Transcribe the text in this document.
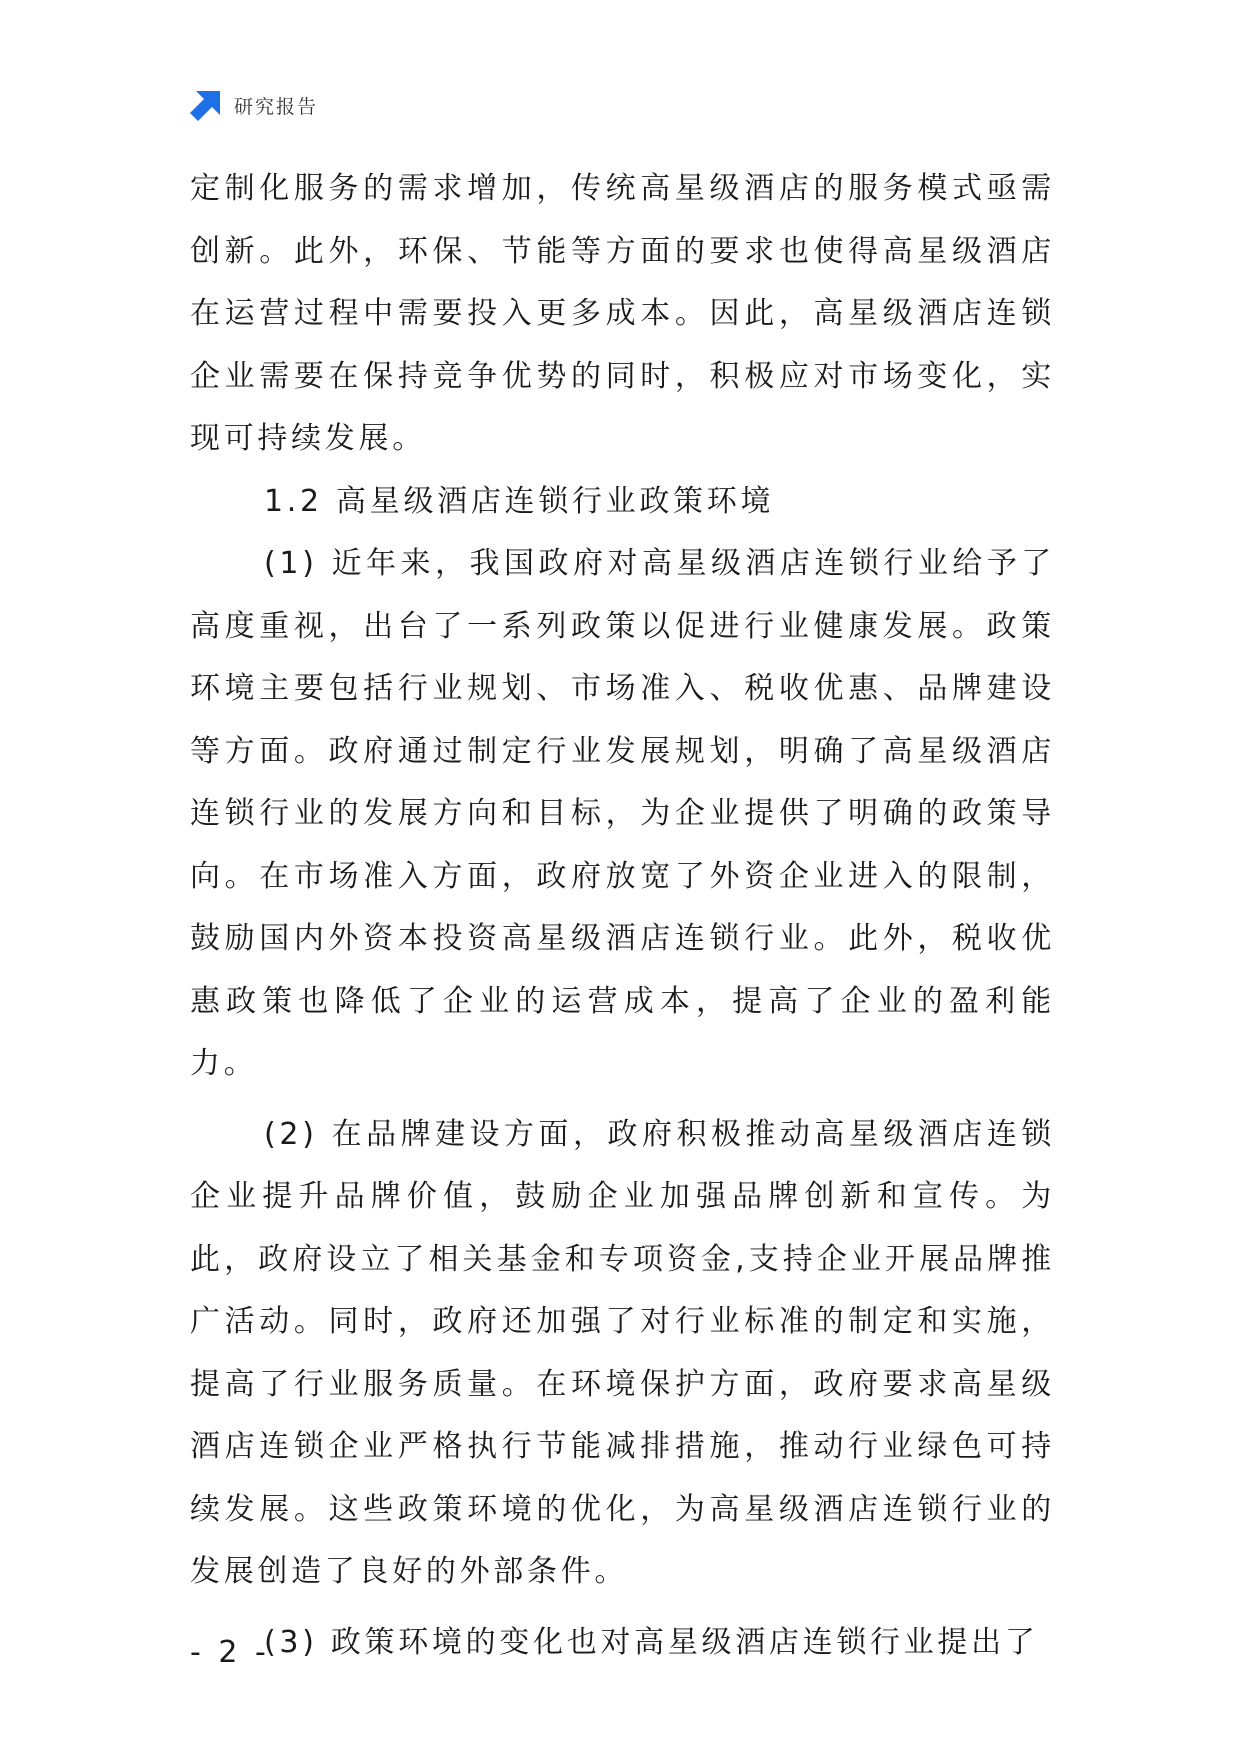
研究报告

定制化服务的需求增加，传统高星级酒店的服务模式亟需创新。此外，环保、节能等方面的要求也使得高星级酒店在运营过程中需要投入更多成本。因此，高星级酒店连锁企业需要在保持竞争优势的同时，积极应对市场变化，实现可持续发展。

1.2 高星级酒店连锁行业政策环境

(1) 近年来，我国政府对高星级酒店连锁行业给予了高度重视，出台了一系列政策以促进行业健康发展。政策环境主要包括行业规划、市场准入、税收优惠、品牌建设等方面。政府通过制定行业发展规划，明确了高星级酒店连锁行业的发展方向和目标，为企业提供了明确的政策导向。在市场准入方面，政府放宽了外资企业进入的限制，鼓励国内外资本投资高星级酒店连锁行业。此外，税收优惠政策也降低了企业的运营成本，提高了企业的盈利能力。

(2) 在品牌建设方面，政府积极推动高星级酒店连锁企业提升品牌价值，鼓励企业加强品牌创新和宣传。为此，政府设立了相关基金和专项资金,支持企业开展品牌推广活动。同时，政府还加强了对行业标准的制定和实施，提高了行业服务质量。在环境保护方面，政府要求高星级酒店连锁企业严格执行节能减排措施，推动行业绿色可持续发展。这些政策环境的优化，为高星级酒店连锁行业的发展创造了良好的外部条件。

(3) 政策环境的变化也对高星级酒店连锁行业提出了

- 2 -
